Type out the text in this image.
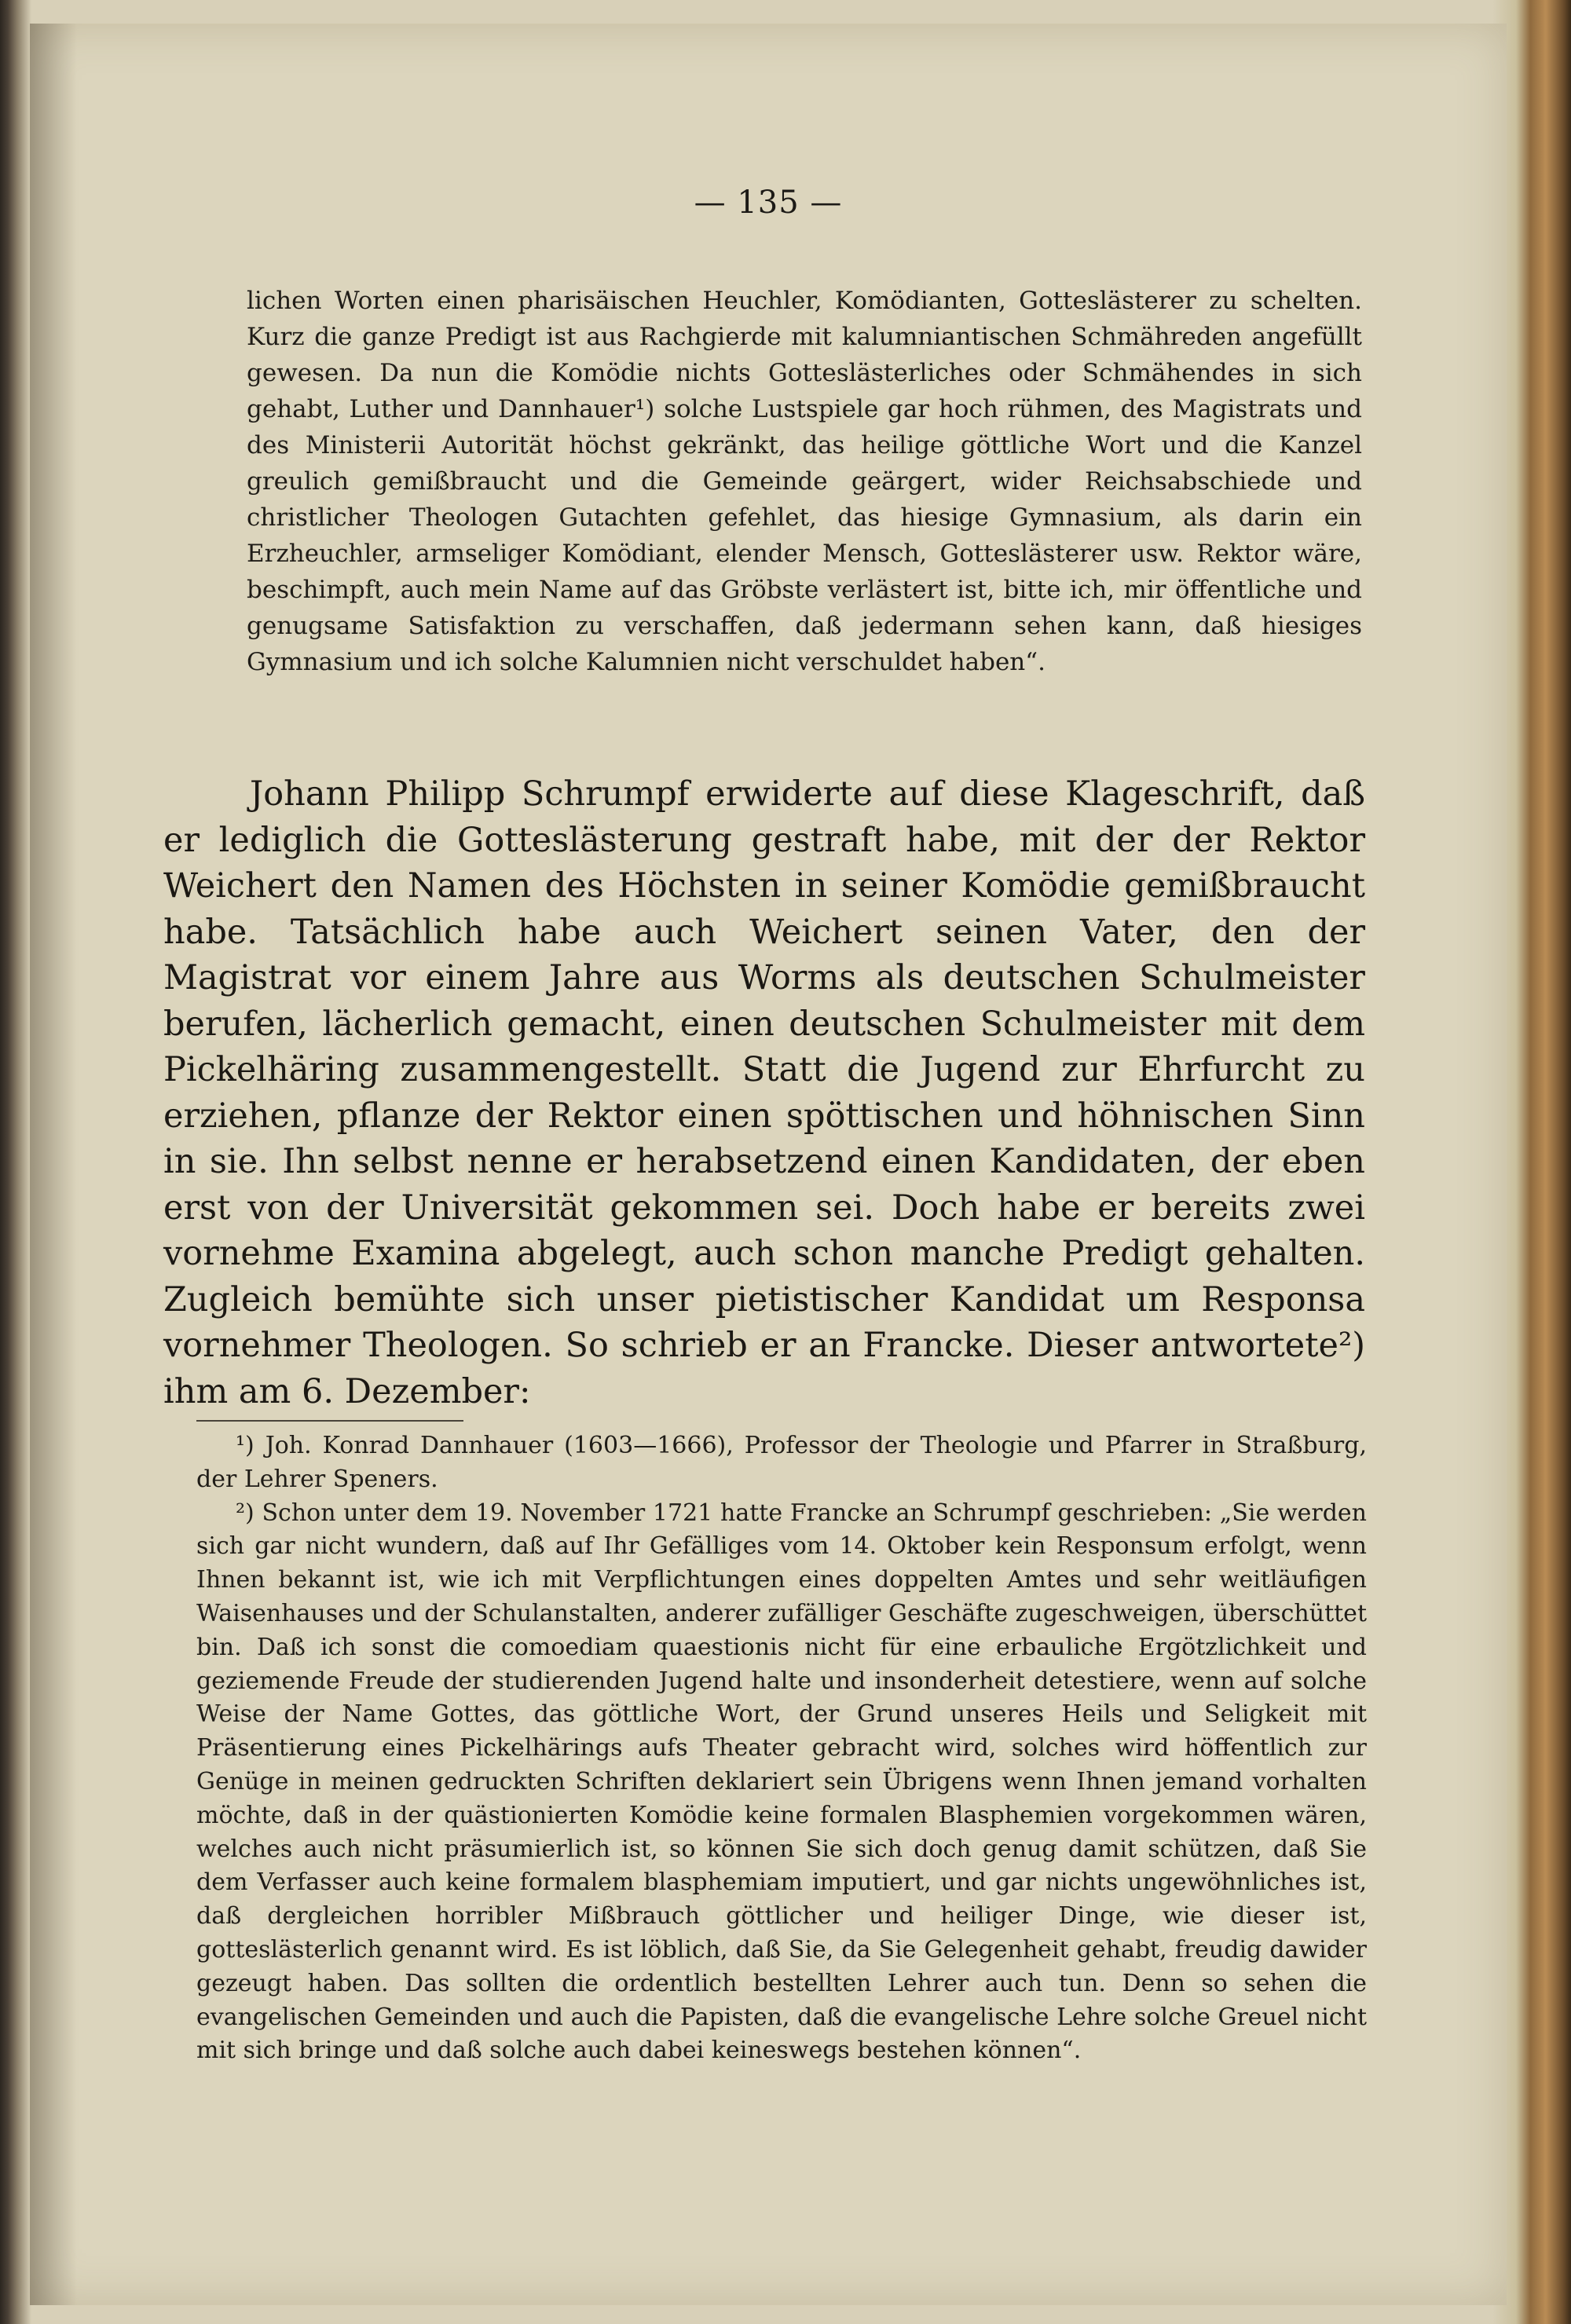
— 135 —

lichen Worten einen pharisäischen Heuchler, Komödianten, Gotteslästerer zu schelten. Kurz die ganze Predigt ist aus Rachgierde mit kalumniantischen Schmähreden angefüllt gewesen. Da nun die Komödie nichts Gotteslästerliches oder Schmähendes in sich gehabt, Luther und Dannhauer¹) solche Lustspiele gar hoch rühmen, des Magistrats und des Ministerii Autorität höchst gekränkt, das heilige göttliche Wort und die Kanzel greulich gemißbraucht und die Gemeinde geärgert, wider Reichsabschiede und christlicher Theologen Gutachten gefehlet, das hiesige Gymnasium, als darin ein Erzheuchler, armseliger Komödiant, elender Mensch, Gotteslästerer usw. Rektor wäre, beschimpft, auch mein Name auf das Gröbste verlästert ist, bitte ich, mir öffentliche und genugsame Satisfaktion zu verschaffen, daß jedermann sehen kann, daß hiesiges Gymnasium und ich solche Kalumnien nicht verschuldet haben“.

Johann Philipp Schrumpf erwiderte auf diese Klageschrift, daß er lediglich die Gotteslästerung gestraft habe, mit der der Rektor Weichert den Namen des Höchsten in seiner Komödie gemißbraucht habe. Tatsächlich habe auch Weichert seinen Vater, den der Magistrat vor einem Jahre aus Worms als deutschen Schulmeister berufen, lächerlich gemacht, einen deutschen Schulmeister mit dem Pickelhäring zusammengestellt. Statt die Jugend zur Ehrfurcht zu erziehen, pflanze der Rektor einen spöttischen und höhnischen Sinn in sie. Ihn selbst nenne er herabsetzend einen Kandidaten, der eben erst von der Universität gekommen sei. Doch habe er bereits zwei vornehme Examina abgelegt, auch schon manche Predigt gehalten. Zugleich bemühte sich unser pietistischer Kandidat um Responsa vornehmer Theologen. So schrieb er an Francke. Dieser antwortete²) ihm am 6. Dezember:

¹) Joh. Konrad Dannhauer (1603—1666), Professor der Theologie und Pfarrer in Straßburg, der Lehrer Speners.

²) Schon unter dem 19. November 1721 hatte Francke an Schrumpf geschrieben: „Sie werden sich gar nicht wundern, daß auf Ihr Gefälliges vom 14. Oktober kein Responsum erfolgt, wenn Ihnen bekannt ist, wie ich mit Verpflichtungen eines doppelten Amtes und sehr weitläufigen Waisenhauses und der Schulanstalten, anderer zufälliger Geschäfte zugeschweigen, überschüttet bin. Daß ich sonst die comoediam quaestionis nicht für eine erbauliche Ergötzlichkeit und geziemende Freude der studierenden Jugend halte und insonderheit detestiere, wenn auf solche Weise der Name Gottes, das göttliche Wort, der Grund unseres Heils und Seligkeit mit Präsentierung eines Pickelhärings aufs Theater gebracht wird, solches wird höffentlich zur Genüge in meinen gedruckten Schriften deklariert sein Übrigens wenn Ihnen jemand vorhalten möchte, daß in der quästionierten Komödie keine formalen Blasphemien vorgekommen wären, welches auch nicht präsumierlich ist, so können Sie sich doch genug damit schützen, daß Sie dem Verfasser auch keine formalem blasphemiam imputiert, und gar nichts ungewöhnliches ist, daß dergleichen horribler Mißbrauch göttlicher und heiliger Dinge, wie dieser ist, gotteslästerlich genannt wird. Es ist löblich, daß Sie, da Sie Gelegenheit gehabt, freudig dawider gezeugt haben. Das sollten die ordentlich bestellten Lehrer auch tun. Denn so sehen die evangelischen Gemeinden und auch die Papisten, daß die evangelische Lehre solche Greuel nicht mit sich bringe und daß solche auch dabei keineswegs bestehen können“.
